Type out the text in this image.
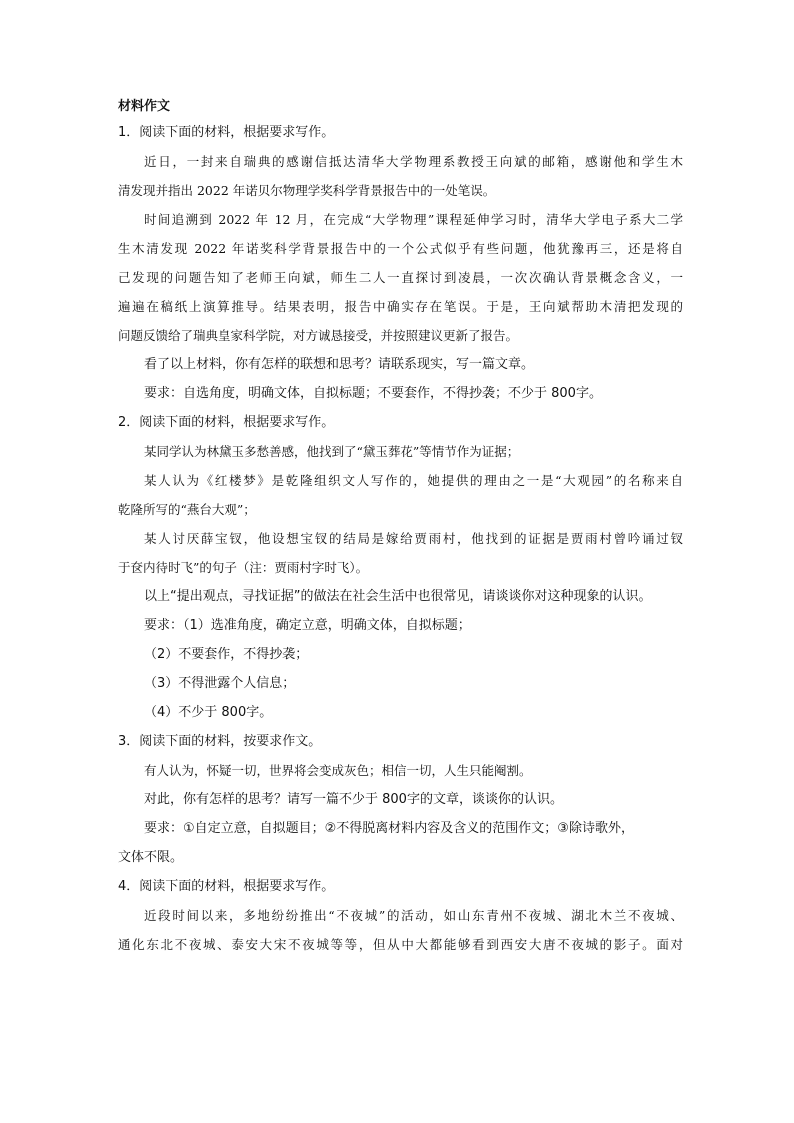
材料作文
1．阅读下面的材料，根据要求写作。
近日，一封来自瑞典的感谢信抵达清华大学物理系教授王向斌的邮箱，感谢他和学生木
清发现并指出 2022 年诺贝尔物理学奖科学背景报告中的一处笔误。
时间追溯到 2022 年 12 月，在完成“大学物理”课程延伸学习时，清华大学电子系大二学
生木清发现 2022 年诺奖科学背景报告中的一个公式似乎有些问题，他犹豫再三，还是将自
己发现的问题告知了老师王向斌，师生二人一直探讨到凌晨，一次次确认背景概念含义，一
遍遍在稿纸上演算推导。结果表明，报告中确实存在笔误。于是，王向斌帮助木清把发现的
问题反馈给了瑞典皇家科学院，对方诚恳接受，并按照建议更新了报告。
看了以上材料，你有怎样的联想和思考？请联系现实，写一篇文章。
要求：自选角度，明确文体，自拟标题；不要套作，不得抄袭；不少于 800字。
2．阅读下面的材料，根据要求写作。
某同学认为林黛玉多愁善感，他找到了“黛玉葬花”等情节作为证据；
某人认为《红楼梦》是乾隆组织文人写作的，她提供的理由之一是“大观园”的名称来自
乾隆所写的“燕台大观”；
某人讨厌薛宝钗，他设想宝钗的结局是嫁给贾雨村，他找到的证据是贾雨村曾吟诵过钗
于奁内待时飞”的句子（注：贾雨村字时飞）。
以上“提出观点，寻找证据”的做法在社会生活中也很常见，请谈谈你对这种现象的认识。
要求：（1）选准角度，确定立意，明确文体，自拟标题；
（2）不要套作，不得抄袭；
（3）不得泄露个人信息；
（4）不少于 800字。
3．阅读下面的材料，按要求作文。
有人认为，怀疑一切，世界将会变成灰色；相信一切，人生只能阉割。
对此，你有怎样的思考？请写一篇不少于 800字的文章，谈谈你的认识。
要求：①自定立意，自拟题目；②不得脱离材料内容及含义的范围作文；③除诗歌外，
文体不限。
4．阅读下面的材料，根据要求写作。
近段时间以来，多地纷纷推出“不夜城”的活动，如山东青州不夜城、湖北木兰不夜城、
通化东北不夜城、泰安大宋不夜城等等，但从中大都能够看到西安大唐不夜城的影子。面对
